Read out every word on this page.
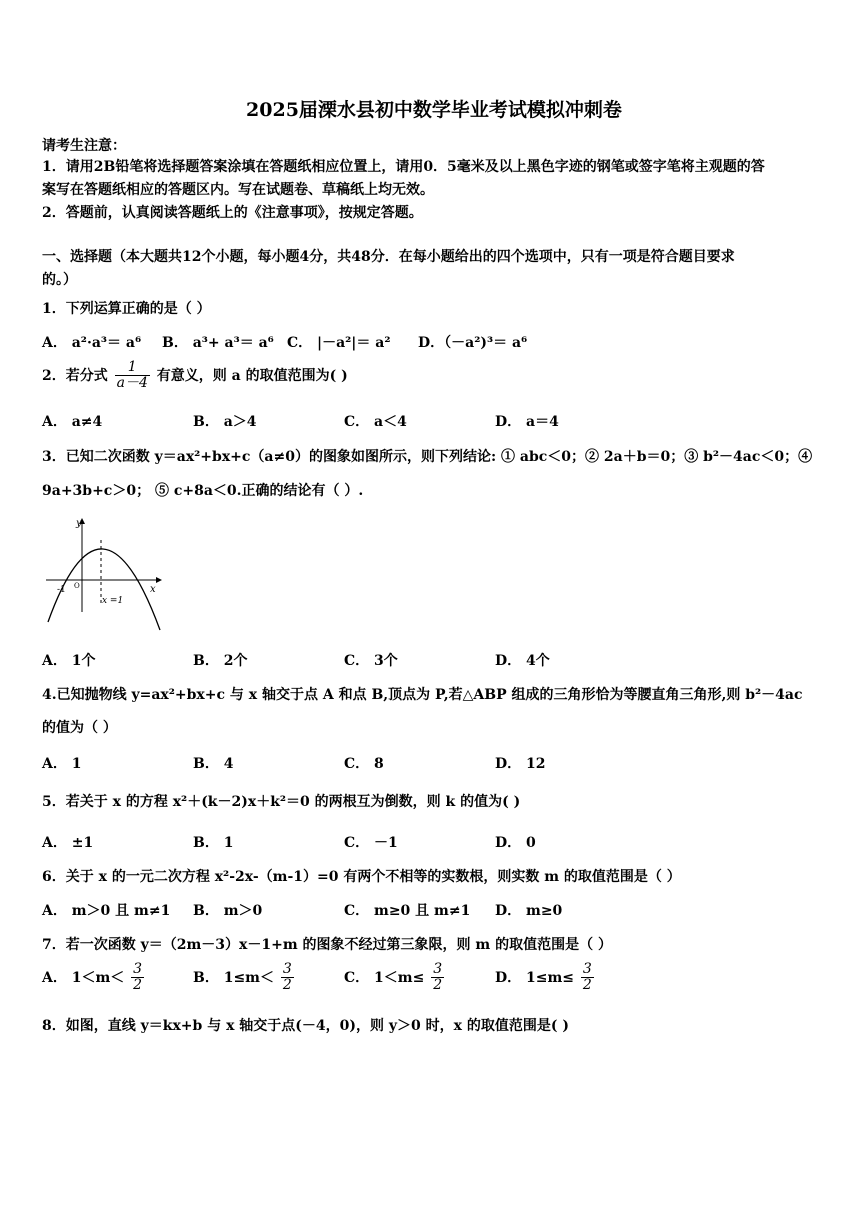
2025届溧水县初中数学毕业考试模拟冲刺卷
请考生注意：
1．请用2B铅笔将选择题答案涂填在答题纸相应位置上，请用0．5毫米及以上黑色字迹的钢笔或签字笔将主观题的答
案写在答题纸相应的答题区内。写在试题卷、草稿纸上均无效。
2．答题前，认真阅读答题纸上的《注意事项》，按规定答题。
一、选择题（本大题共12个小题，每小题4分，共48分．在每小题给出的四个选项中，只有一项是符合题目要求
的。）
1．下列运算正确的是（ ）
A． a²·a³＝ a⁶ B． a³+ a³＝ a⁶ C． |－a²|＝ a² D．（－a²)³＝ a⁶
2．若分式 $\frac{1}{a-4}$ 有意义，则 a 的取值范围为( )
A． a≠4	B． a＞4	C． a＜4	D． a＝4
3．已知二次函数 y＝ax²+bx+c（a≠0）的图象如图所示，则下列结论: ① abc＜0；② 2a＋b＝0；③ b²－4ac＜0；④
9a+3b+c＞0； ⑤ c+8a＜0.正确的结论有（ ）.
y
x
-1 O
x =1
A． 1个	B． 2个	C． 3个	D． 4个
4.已知抛物线 y=ax²+bx+c 与 x 轴交于点 A 和点 B,顶点为 P,若△ABP 组成的三角形恰为等腰直角三角形,则 b²－4ac
的值为（ ）
A． 1	B． 4	C． 8	D． 12
5．若关于 x 的方程 x²＋(k－2)x＋k²＝0 的两根互为倒数，则 k 的值为( )
A． ±1	B． 1	C． －1	D． 0
6．关于 x 的一元二次方程 x²-2x-（m-1）=0 有两个不相等的实数根，则实数 m 的取值范围是（ ）
A． m＞0 且 m≠1 B． m＞0	C． m≥0 且 m≠1 D． m≥0
7．若一次函数 y＝（2m－3）x－1+m 的图象不经过第三象限，则 m 的取值范围是（ ）
A． $1<m< \frac{3}{2}$	B． $1\le m< \frac{3}{2}$	C． $1<m\le \frac{3}{2}$	D． $1\le m\le \frac{3}{2}$
8．如图，直线 y＝kx+b 与 x 轴交于点(－4，0)，则 y＞0 时，x 的取值范围是( )
